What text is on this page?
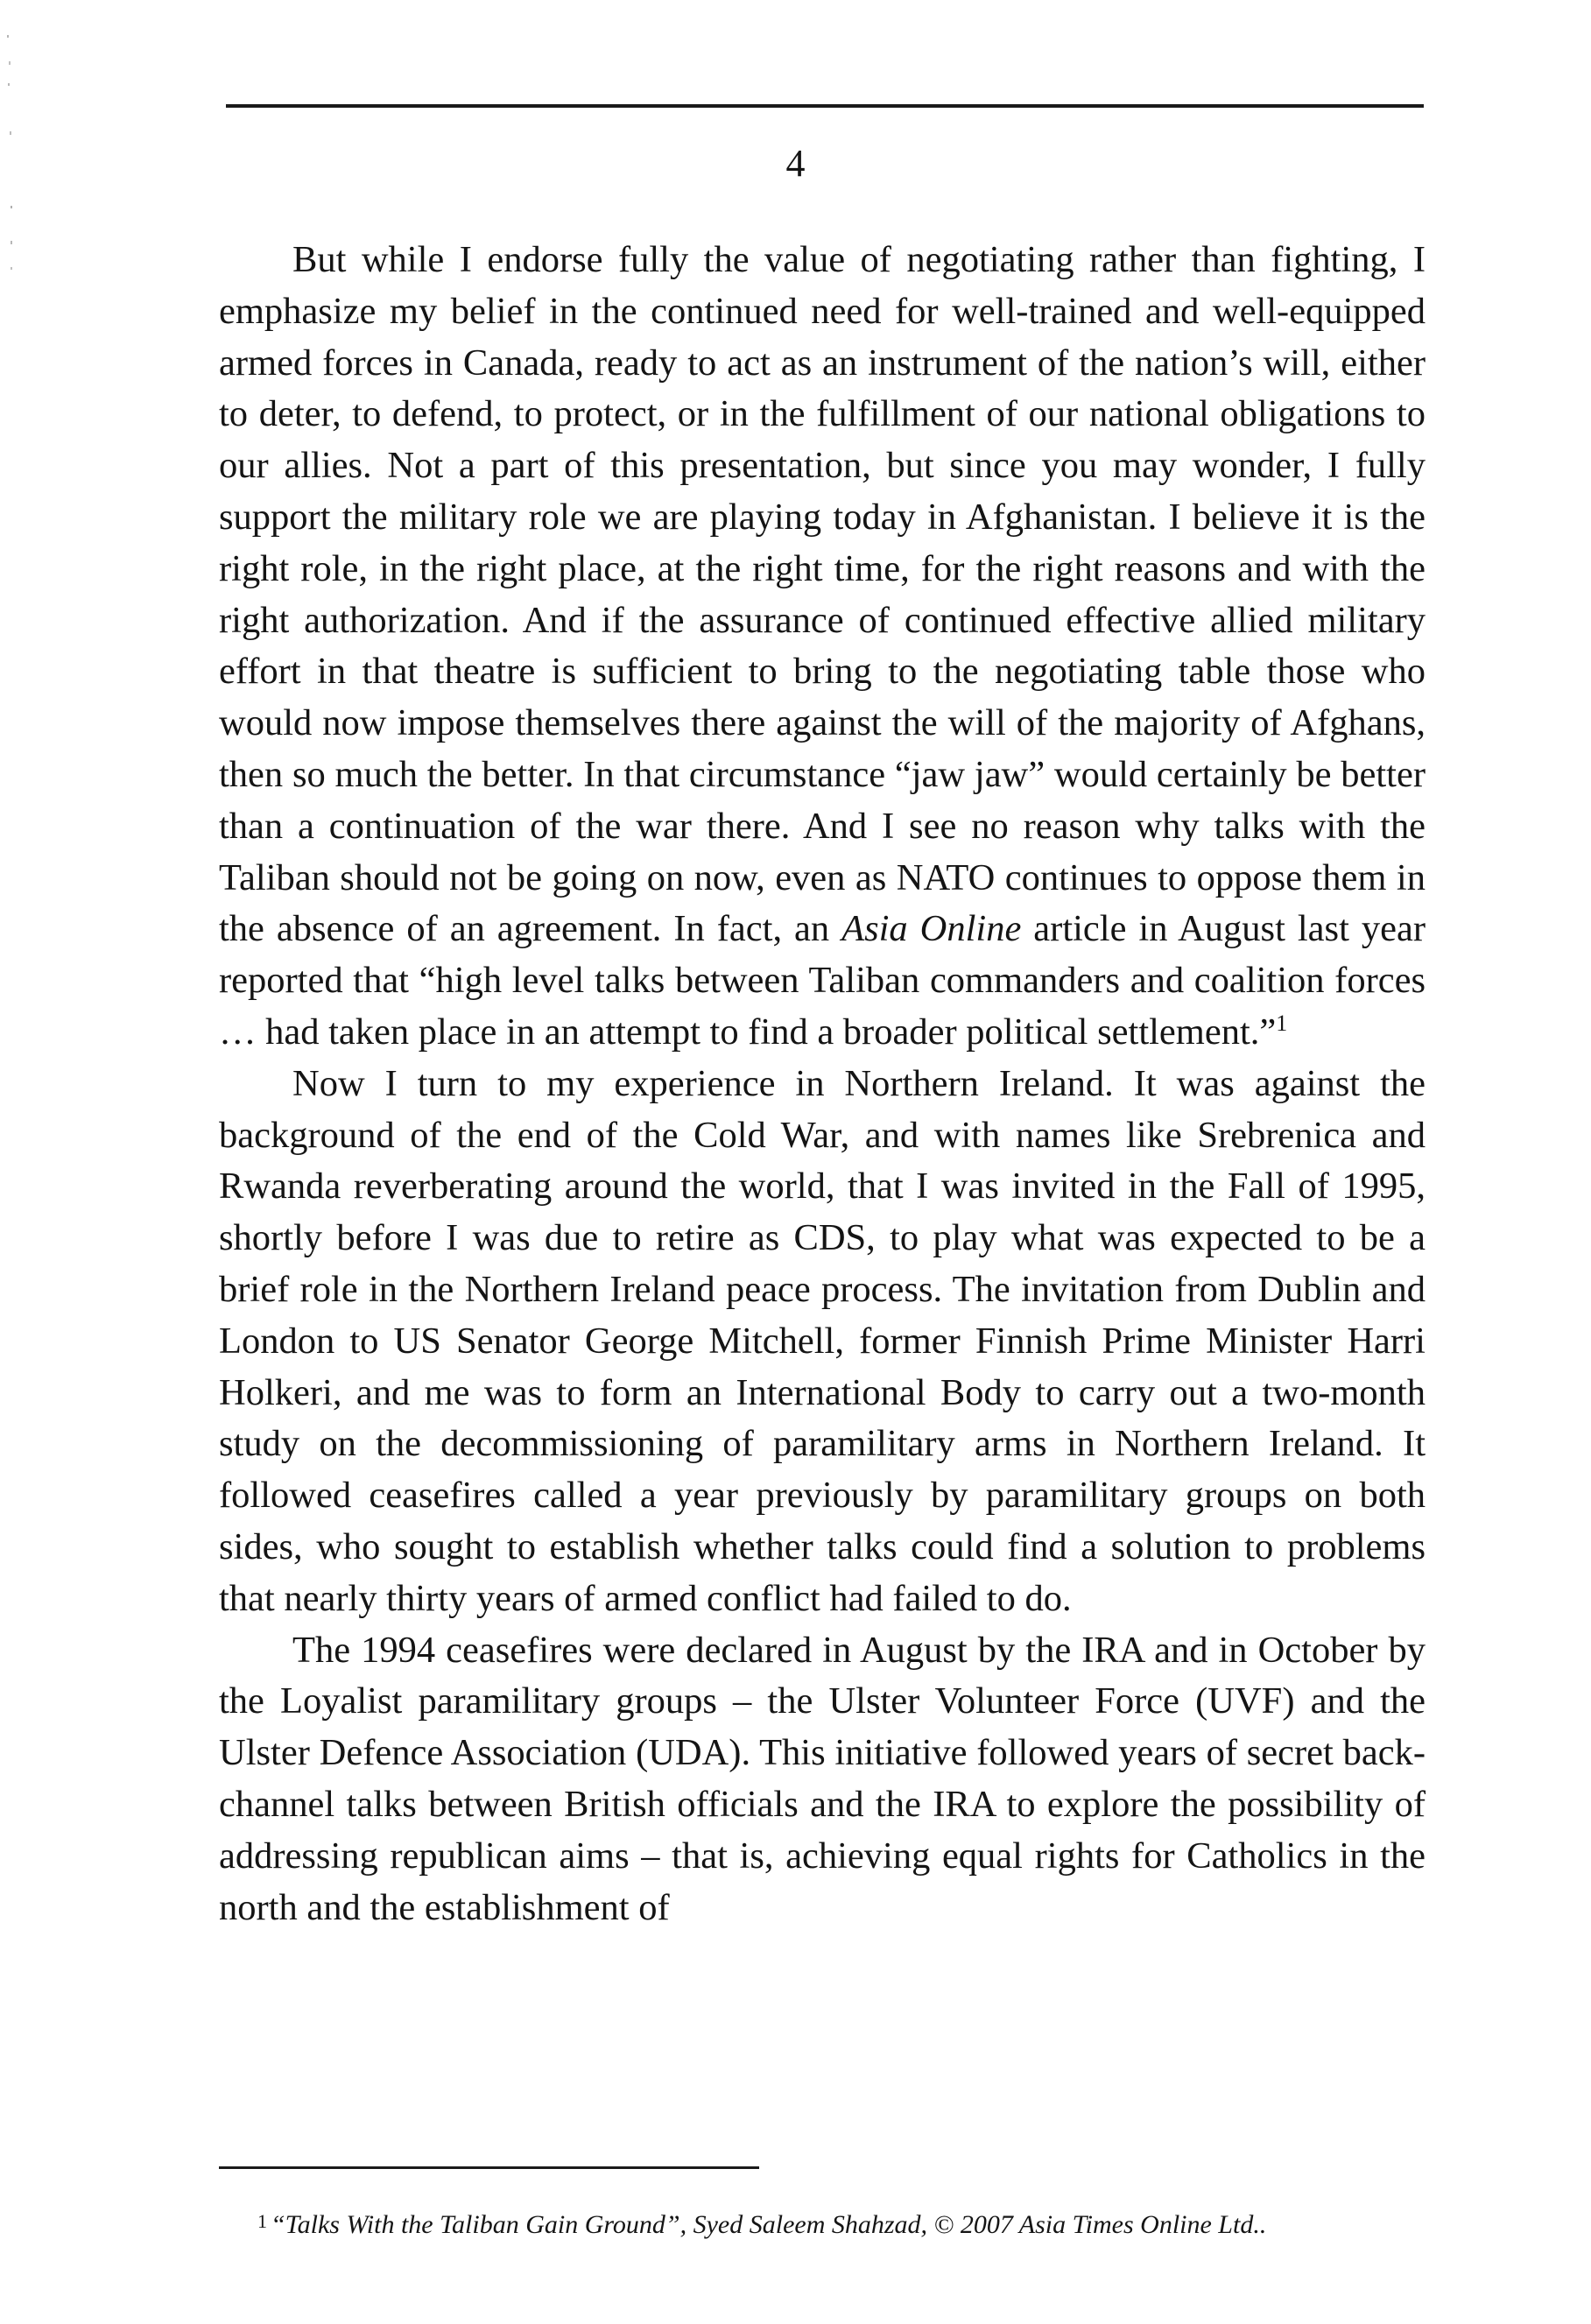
4

But while I endorse fully the value of negotiating rather than fighting, I emphasize my belief in the continued need for well-trained and well-equipped armed forces in Canada, ready to act as an instrument of the nation’s will, either to deter, to defend, to protect, or in the fulfillment of our national obligations to our allies. Not a part of this presentation, but since you may wonder, I fully support the military role we are playing today in Afghanistan. I believe it is the right role, in the right place, at the right time, for the right reasons and with the right authorization. And if the assurance of continued effective allied military effort in that theatre is sufficient to bring to the negotiating table those who would now impose themselves there against the will of the majority of Afghans, then so much the better. In that circumstance “jaw jaw” would certainly be better than a continuation of the war there. And I see no reason why talks with the Taliban should not be going on now, even as NATO continues to oppose them in the absence of an agreement. In fact, an Asia Online article in August last year reported that “high level talks between Taliban commanders and coalition forces … had taken place in an attempt to find a broader political settlement.”$^1$

Now I turn to my experience in Northern Ireland. It was against the background of the end of the Cold War, and with names like Srebrenica and Rwanda reverberating around the world, that I was invited in the Fall of 1995, shortly before I was due to retire as CDS, to play what was expected to be a brief role in the Northern Ireland peace process. The invitation from Dublin and London to US Senator George Mitchell, former Finnish Prime Minister Harri Holkeri, and me was to form an International Body to carry out a two-month study on the decommissioning of paramilitary arms in Northern Ireland. It followed ceasefires called a year previously by paramilitary groups on both sides, who sought to establish whether talks could find a solution to problems that nearly thirty years of armed conflict had failed to do.

The 1994 ceasefires were declared in August by the IRA and in October by the Loyalist paramilitary groups – the Ulster Volunteer Force (UVF) and the Ulster Defence Association (UDA). This initiative followed years of secret back-channel talks between British officials and the IRA to explore the possibility of addressing republican aims – that is, achieving equal rights for Catholics in the north and the establishment of

$^1$ “Talks With the Taliban Gain Ground”, Syed Saleem Shahzad, © 2007 Asia Times Online Ltd..
